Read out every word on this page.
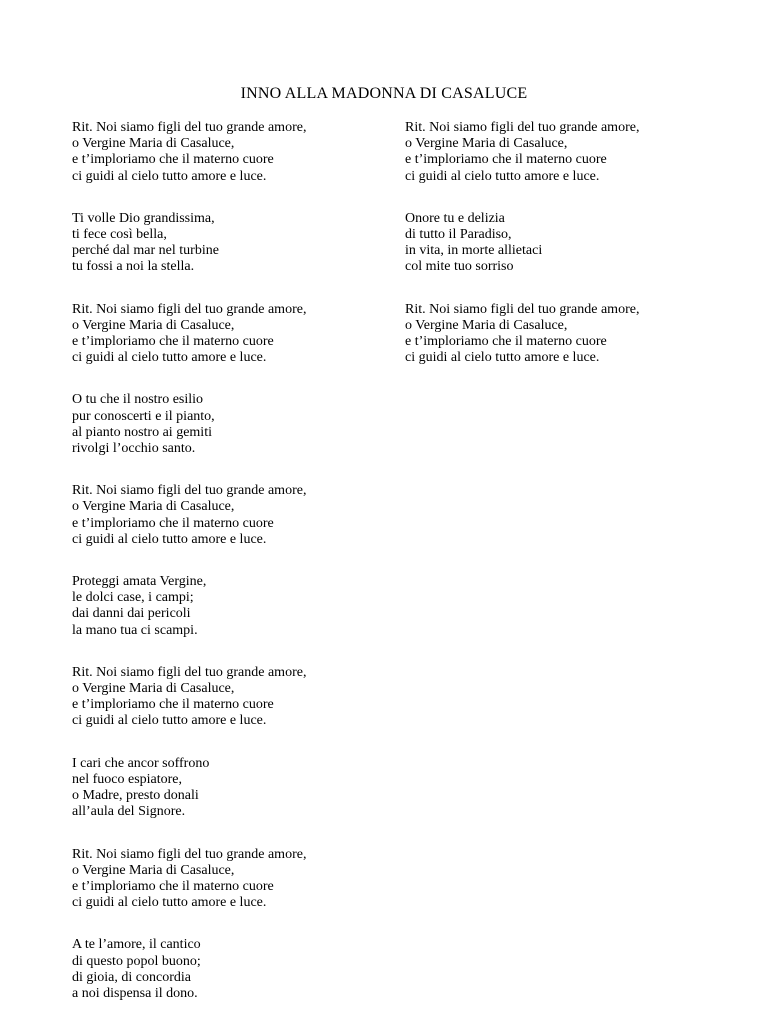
INNO ALLA MADONNA DI CASALUCE
Rit. Noi siamo figli del tuo grande amore,
o Vergine Maria di Casaluce,
e t’imploriamo che il materno cuore
ci guidi al cielo tutto amore e luce.
Ti volle Dio grandissima,
ti fece così bella,
perché dal mar nel turbine
tu fossi a noi la stella.
Rit. Noi siamo figli del tuo grande amore,
o Vergine Maria di Casaluce,
e t’imploriamo che il materno cuore
ci guidi al cielo tutto amore e luce.
O tu che il nostro esilio
pur conoscerti e il pianto,
al pianto nostro ai gemiti
rivolgi l’occhio santo.
Rit. Noi siamo figli del tuo grande amore,
o Vergine Maria di Casaluce,
e t’imploriamo che il materno cuore
ci guidi al cielo tutto amore e luce.
Proteggi amata Vergine,
le dolci case, i campi;
dai danni dai pericoli
la mano tua ci scampi.
Rit. Noi siamo figli del tuo grande amore,
o Vergine Maria di Casaluce,
e t’imploriamo che il materno cuore
ci guidi al cielo tutto amore e luce.
I cari che ancor soffrono
nel fuoco espiatore,
o Madre, presto donali
all’aula del Signore.
Rit. Noi siamo figli del tuo grande amore,
o Vergine Maria di Casaluce,
e t’imploriamo che il materno cuore
ci guidi al cielo tutto amore e luce.
A te l’amore, il cantico
di questo popol buono;
di gioia, di concordia
a noi dispensa il dono.
Rit. Noi siamo figli del tuo grande amore,
o Vergine Maria di Casaluce,
e t’imploriamo che il materno cuore
ci guidi al cielo tutto amore e luce.
Onore tu e delizia
di tutto il Paradiso,
in vita, in morte allietaci
col mite tuo sorriso
Rit. Noi siamo figli del tuo grande amore,
o Vergine Maria di Casaluce,
e t’imploriamo che il materno cuore
ci guidi al cielo tutto amore e luce.
